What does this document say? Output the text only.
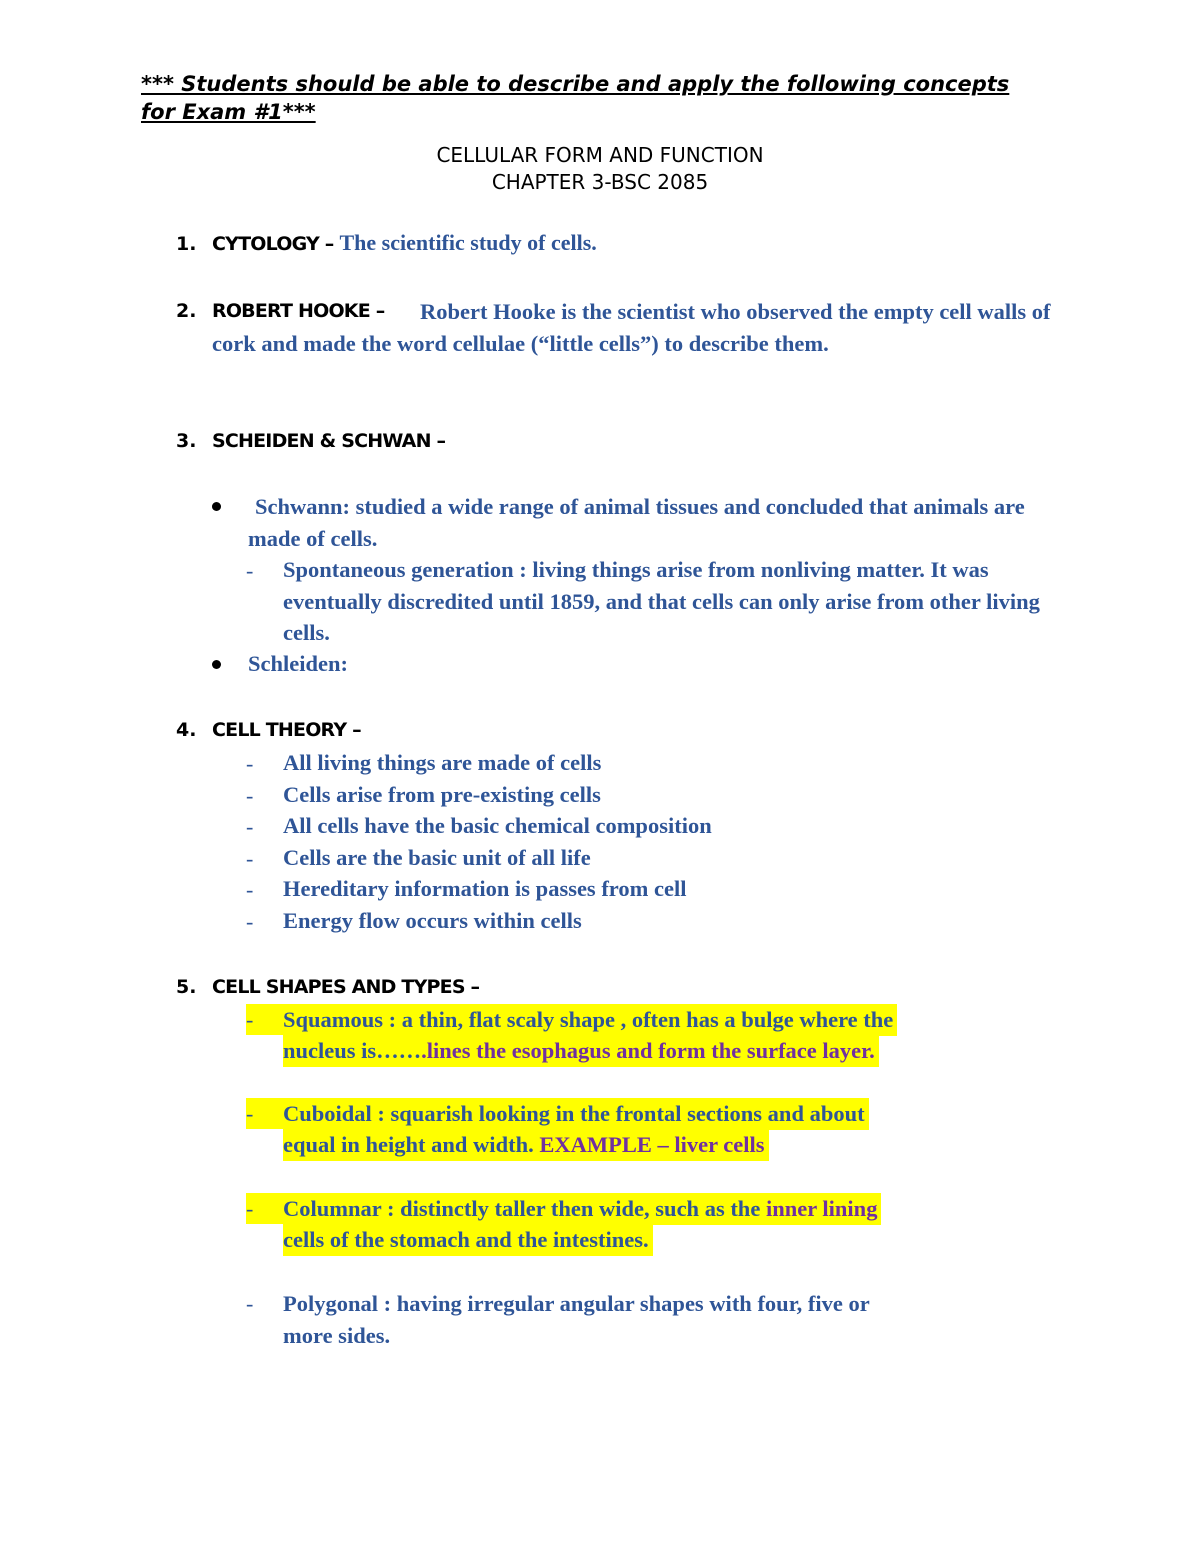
*** Students should be able to describe and apply the following concepts for Exam #1***
CELLULAR FORM AND FUNCTION
CHAPTER 3-BSC 2085
1. CYTOLOGY – The scientific study of cells.
2. ROBERT HOOKE –	Robert Hooke is the scientist who observed the empty cell walls of cork and made the word cellulae (“little cells”) to describe them.
3. SCHEIDEN & SCHWAN –
Schwann: studied a wide range of animal tissues and concluded that animals are made of cells.
- Spontaneous generation : living things arise from nonliving matter. It was eventually discredited until 1859, and that cells can only arise from other living cells.
Schleiden:
4. CELL THEORY –
- All living things are made of cells
- Cells arise from pre-existing cells
- All cells have the basic chemical composition
- Cells are the basic unit of all life
- Hereditary information is passes from cell
- Energy flow occurs within cells
5. CELL SHAPES AND TYPES –
-	Squamous : a thin, flat scaly shape , often has a bulge where the
nucleus is…….lines the esophagus and form the surface layer.
-	Cuboidal : squarish looking in the frontal sections and about
equal in height and width. EXAMPLE – liver cells
-	Columnar : distinctly taller then wide, such as the inner lining
cells of the stomach and the intestines.
- Polygonal : having irregular angular shapes with four, five or
more sides.
